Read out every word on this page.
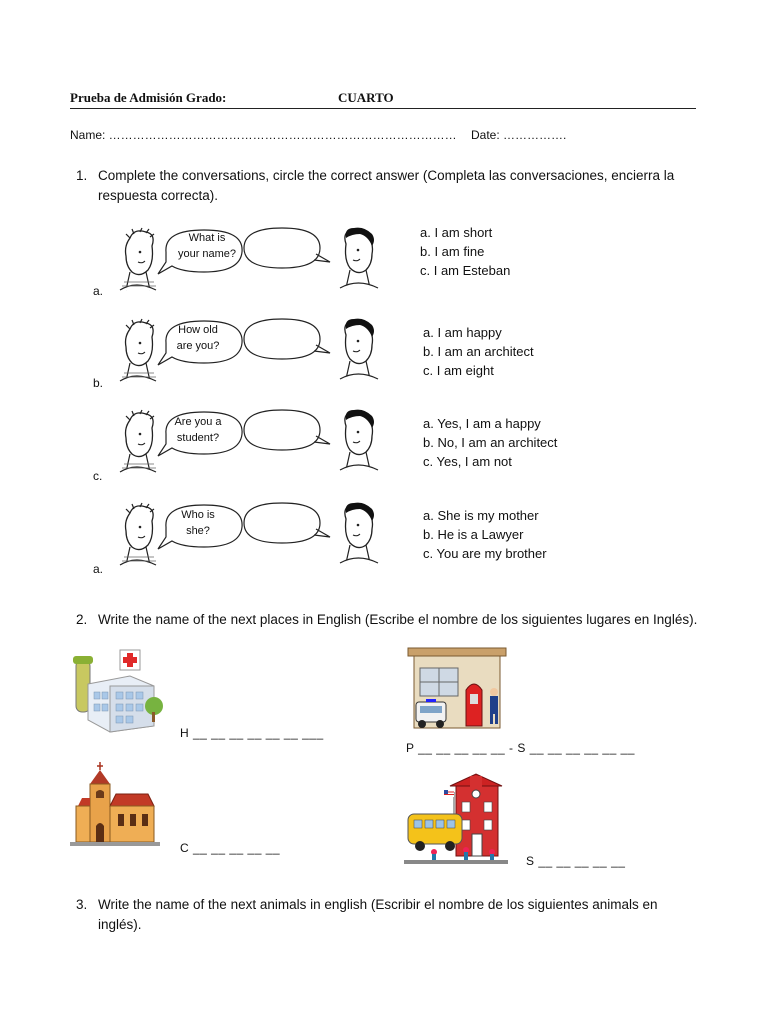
Prueba de Admisión Grado:	CUARTO
Name: …………………………………………………………………………… Date: …………….
1. Complete the conversations, circle the correct answer (Completa las conversaciones, encierra la respuesta correcta).
a.
What is
your name?
a. I am short
b. I am fine
c. I am Esteban
b.
How old
are you?
a. I am happy
b. I am an architect
c. I am eight
c.
Are you a
student?
a. Yes, I am a happy
b. No, I am an architect
c. Yes, I am not
a.
Who is
she?
a. She is my mother
b. He is a Lawyer
c. You are my brother
2. Write the name of the next places in English (Escribe el nombre de los siguientes lugares en Inglés).
H __ __ __ __ __ __ ___
P __ __ __ __ __ - S __ __ __ __ __ __
C __ __ __ __ __
S __ __ __ __ __
3. Write the name of the next animals in english (Escribir el nombre de los siguientes animals en inglés).
